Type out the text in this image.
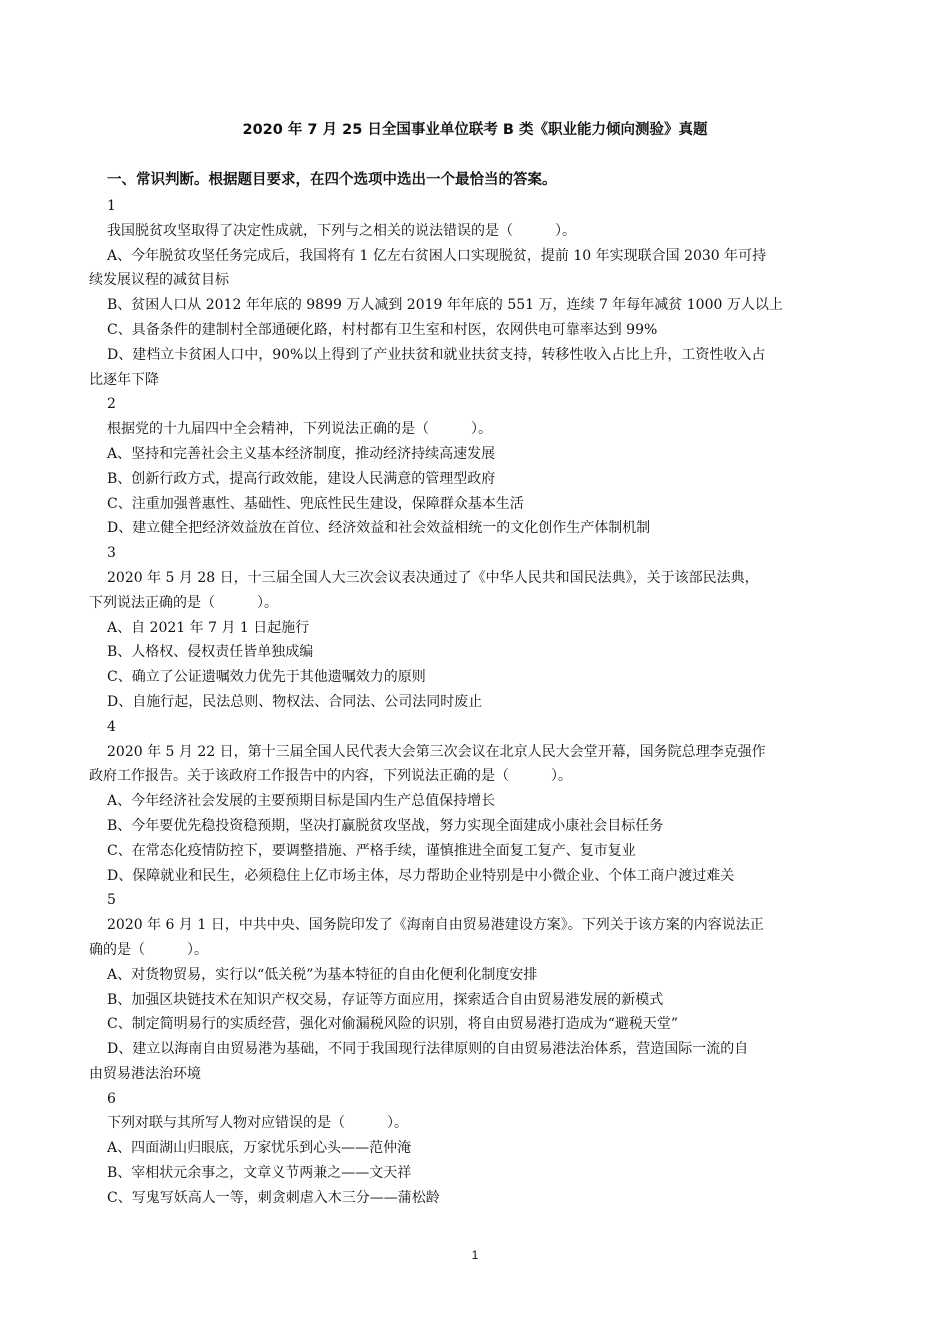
2020 年 7 月 25 日全国事业单位联考 B 类《职业能力倾向测验》真题
一、常识判断。根据题目要求，在四个选项中选出一个最恰当的答案。
1
我国脱贫攻坚取得了决定性成就，下列与之相关的说法错误的是（　　　）。
A、今年脱贫攻坚任务完成后，我国将有 1 亿左右贫困人口实现脱贫，提前 10 年实现联合国 2030 年可持
续发展议程的减贫目标
B、贫困人口从 2012 年年底的 9899 万人减到 2019 年年底的 551 万，连续 7 年每年减贫 1000 万人以上
C、具备条件的建制村全部通硬化路，村村都有卫生室和村医，农网供电可靠率达到 99%
D、建档立卡贫困人口中，90%以上得到了产业扶贫和就业扶贫支持，转移性收入占比上升，工资性收入占
比逐年下降
2
根据党的十九届四中全会精神，下列说法正确的是（　　　）。
A、坚持和完善社会主义基本经济制度，推动经济持续高速发展
B、创新行政方式，提高行政效能，建设人民满意的管理型政府
C、注重加强普惠性、基础性、兜底性民生建设，保障群众基本生活
D、建立健全把经济效益放在首位、经济效益和社会效益相统一的文化创作生产体制机制
3
2020 年 5 月 28 日，十三届全国人大三次会议表决通过了《中华人民共和国民法典》，关于该部民法典，
下列说法正确的是（　　　）。
A、自 2021 年 7 月 1 日起施行
B、人格权、侵权责任皆单独成编
C、确立了公证遗嘱效力优先于其他遗嘱效力的原则
D、自施行起，民法总则、物权法、合同法、公司法同时废止
4
2020 年 5 月 22 日，第十三届全国人民代表大会第三次会议在北京人民大会堂开幕，国务院总理李克强作
政府工作报告。关于该政府工作报告中的内容，下列说法正确的是（　　　）。
A、今年经济社会发展的主要预期目标是国内生产总值保持增长
B、今年要优先稳投资稳预期，坚决打赢脱贫攻坚战，努力实现全面建成小康社会目标任务
C、在常态化疫情防控下，要调整措施、严格手续，谨慎推进全面复工复产、复市复业
D、保障就业和民生，必须稳住上亿市场主体，尽力帮助企业特别是中小微企业、个体工商户渡过难关
5
2020 年 6 月 1 日，中共中央、国务院印发了《海南自由贸易港建设方案》。下列关于该方案的内容说法正
确的是（　　　）。
A、对货物贸易，实行以“低关税”为基本特征的自由化便利化制度安排
B、加强区块链技术在知识产权交易，存证等方面应用，探索适合自由贸易港发展的新模式
C、制定简明易行的实质经营，强化对偷漏税风险的识别，将自由贸易港打造成为“避税天堂”
D、建立以海南自由贸易港为基础，不同于我国现行法律原则的自由贸易港法治体系，营造国际一流的自
由贸易港法治环境
6
下列对联与其所写人物对应错误的是（　　　）。
A、四面湖山归眼底，万家忧乐到心头——范仲淹
B、宰相状元余事之，文章义节两兼之——文天祥
C、写鬼写妖高人一等，刺贪刺虐入木三分——蒲松龄
1
